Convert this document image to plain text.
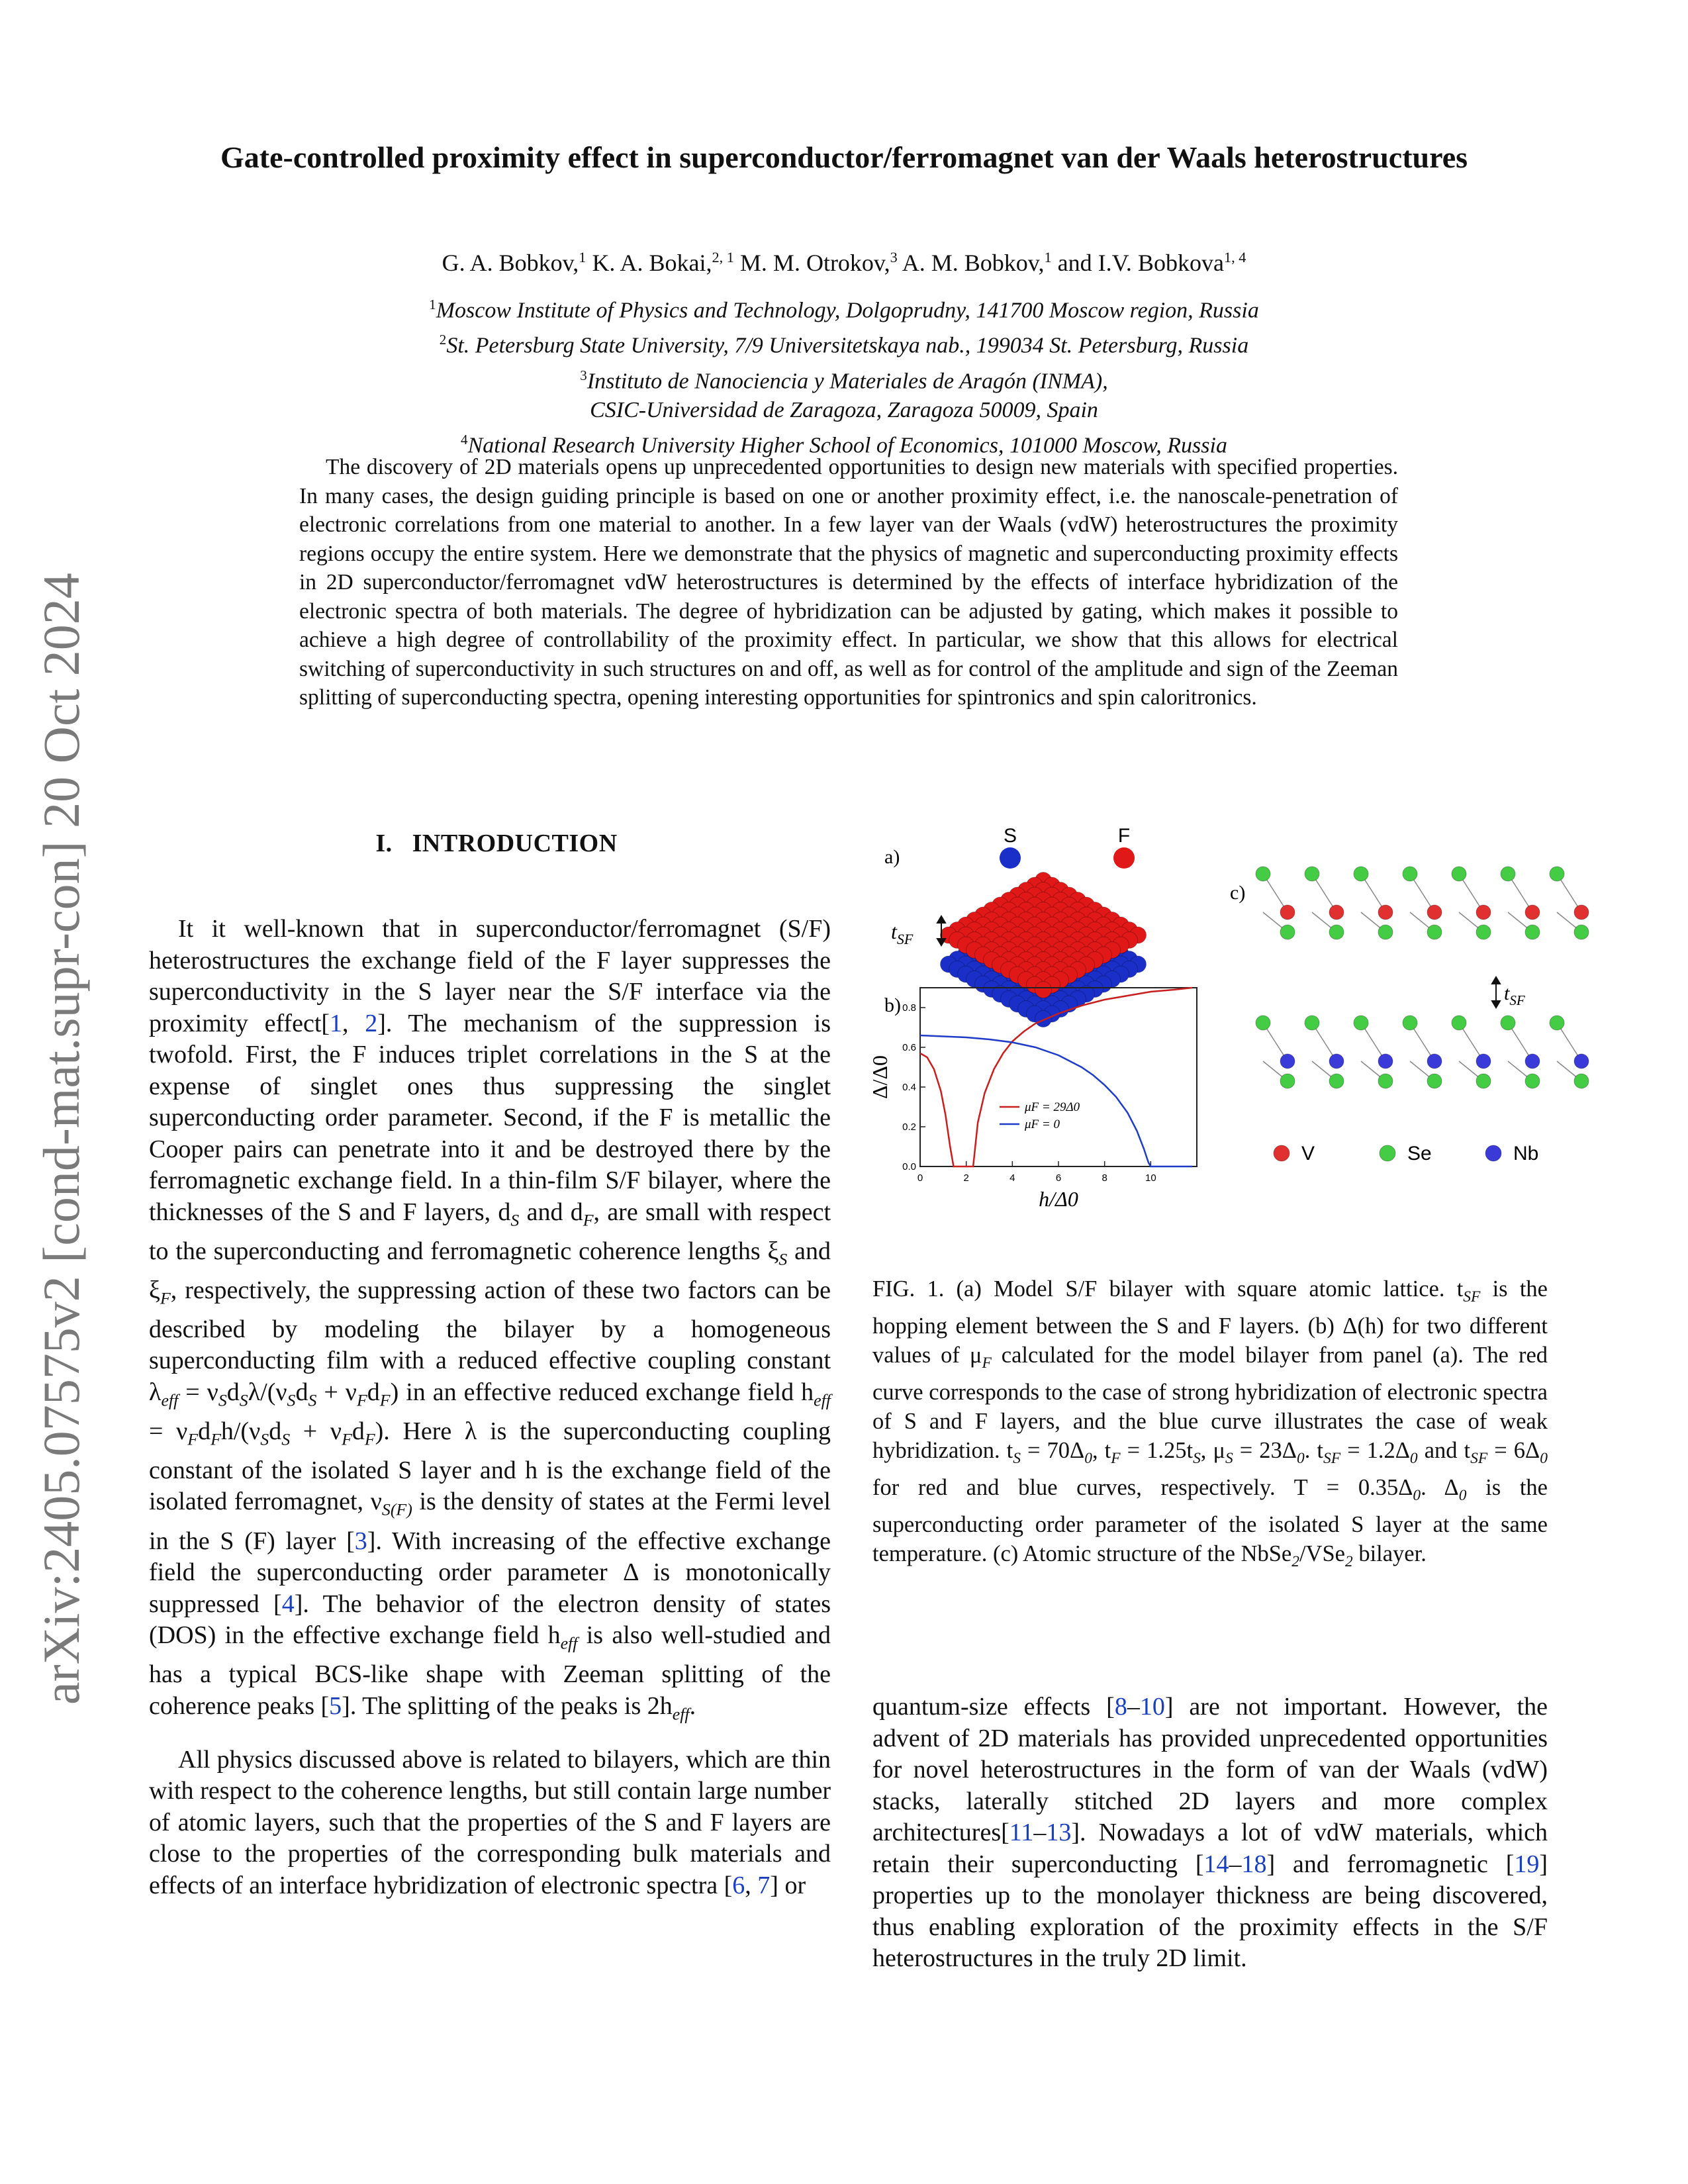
arXiv:2405.07575v2 [cond-mat.supr-con] 20 Oct 2024
Gate-controlled proximity effect in superconductor/ferromagnet van der Waals heterostructures
G. A. Bobkov,$^1$ K. A. Bokai,$^{2, 1}$ M. M. Otrokov,$^3$ A. M. Bobkov,$^1$ and I.V. Bobkova$^{1, 4}$
$^1$Moscow Institute of Physics and Technology, Dolgoprudny, 141700 Moscow region, Russia
$^2$St. Petersburg State University, 7/9 Universitetskaya nab., 199034 St. Petersburg, Russia
$^3$Instituto de Nanociencia y Materiales de Aragón (INMA),
CSIC-Universidad de Zaragoza, Zaragoza 50009, Spain
$^4$National Research University Higher School of Economics, 101000 Moscow, Russia
The discovery of 2D materials opens up unprecedented opportunities to design new materials with specified properties. In many cases, the design guiding principle is based on one or another proximity effect, i.e. the nanoscale-penetration of electronic correlations from one material to another. In a few layer van der Waals (vdW) heterostructures the proximity regions occupy the entire system. Here we demonstrate that the physics of magnetic and superconducting proximity effects in 2D superconductor/ferromagnet vdW heterostructures is determined by the effects of interface hybridization of the electronic spectra of both materials. The degree of hybridization can be adjusted by gating, which makes it possible to achieve a high degree of controllability of the proximity effect. In particular, we show that this allows for electrical switching of superconductivity in such structures on and off, as well as for control of the amplitude and sign of the Zeeman splitting of superconducting spectra, opening interesting opportunities for spintronics and spin caloritronics.
I. INTRODUCTION

It it well-known that in superconductor/ferromagnet (S/F) heterostructures the exchange field of the F layer suppresses the superconductivity in the S layer near the S/F interface via the proximity effect[1, 2]. The mechanism of the suppression is twofold. First, the F induces triplet correlations in the S at the expense of singlet ones thus suppressing the singlet superconducting order parameter. Second, if the F is metallic the Cooper pairs can penetrate into it and be destroyed there by the ferromagnetic exchange field. In a thin-film S/F bilayer, where the thicknesses of the S and F layers, $d_S$ and $d_F$, are small with respect to the superconducting and ferromagnetic coherence lengths $\xi_S$ and $\xi_F$, respectively, the suppressing action of these two factors can be described by modeling the bilayer by a homogeneous superconducting film with a reduced effective coupling constant $\lambda_{eff} = \nu_Sd_S\lambda/(\nu_Sd_S + \nu_Fd_F)$ in an effective reduced exchange field $h_{eff} = \nu_Fd_Fh/(\nu_Sd_S + \nu_Fd_F)$. Here λ is the superconducting coupling constant of the isolated S layer and h is the exchange field of the isolated ferromagnet, $\nu_{S(F)}$ is the density of states at the Fermi level in the S (F) layer [3]. With increasing of the effective exchange field the superconducting order parameter Δ is monotonically suppressed [4]. The behavior of the electron density of states (DOS) in the effective exchange field $h_{eff}$ is also well-studied and has a typical BCS-like shape with Zeeman splitting of the coherence peaks [5]. The splitting of the peaks is $2h_{eff}$.

All physics discussed above is related to bilayers, which are thin with respect to the coherence lengths, but still contain large number of atomic layers, such that the properties of the S and F layers are close to the properties of the corresponding bulk materials and effects of an interface hybridization of electronic spectra [6, 7] or

a)
S	F
$t_{SF}$
b)
0	2	4	6	8	10
0.0
0.2
0.4
0.6
0.8
h/Δ0
Δ/Δ0
μF = 29Δ0
μF = 0
c)
$t_{SF}$
V	Se	Nb
FIG. 1. (a) Model S/F bilayer with square atomic lattice. $t_{SF}$ is the hopping element between the S and F layers. (b) Δ(h) for two different values of $\mu_F$ calculated for the model bilayer from panel (a). The red curve corresponds to the case of strong hybridization of electronic spectra of S and F layers, and the blue curve illustrates the case of weak hybridization. $t_S = 70\Delta_0$, $t_F = 1.25t_S$, $\mu_S = 23\Delta_0$. $t_{SF} = 1.2\Delta_0$ and $t_{SF} = 6\Delta_0$ for red and blue curves, respectively. $T = 0.35\Delta_0$. $\Delta_0$ is the superconducting order parameter of the isolated S layer at the same temperature. (c) Atomic structure of the NbSe$_2$/VSe$_2$ bilayer.

quantum-size effects [8–10] are not important. However, the advent of 2D materials has provided unprecedented opportunities for novel heterostructures in the form of van der Waals (vdW) stacks, laterally stitched 2D layers and more complex architectures[11–13]. Nowadays a lot of vdW materials, which retain their superconducting [14–18] and ferromagnetic [19] properties up to the monolayer thickness are being discovered, thus enabling exploration of the proximity effects in the S/F heterostructures in the truly 2D limit.
